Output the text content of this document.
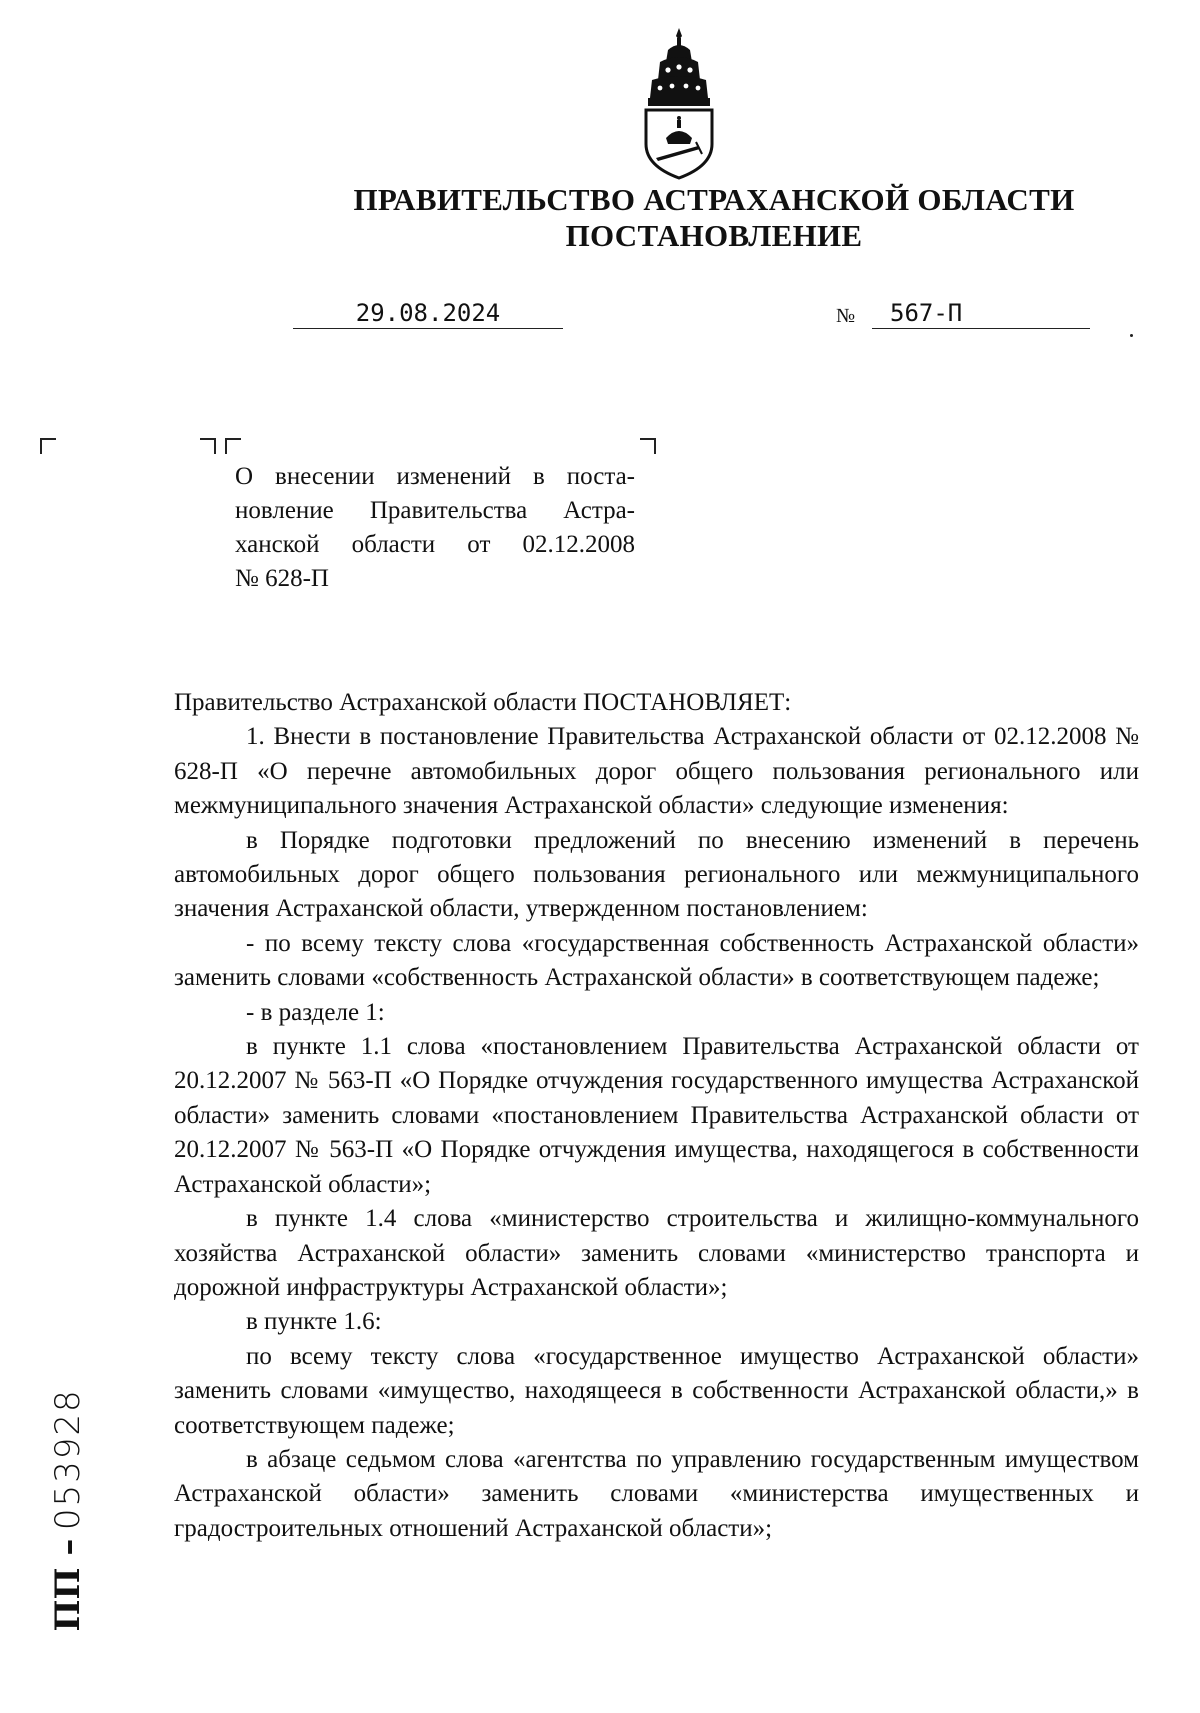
ПРАВИТЕЛЬСТВО АСТРАХАНСКОЙ ОБЛАСТИ
ПОСТАНОВЛЕНИЕ
29.08.2024	№	567-П
О внесении изменений в поста-
новление Правительства Астра-
ханской области от 02.12.2008
№ 628-П

Правительство Астраханской области ПОСТАНОВЛЯЕТ:

1. Внести в постановление Правительства Астраханской области от 02.12.2008 № 628-П «О перечне автомобильных дорог общего пользования регионального или межмуниципального значения Астраханской области» следующие изменения:

в Порядке подготовки предложений по внесению изменений в перечень автомобильных дорог общего пользования регионального или межмуниципального значения Астраханской области, утвержденном постановлением:

- по всему тексту слова «государственная собственность Астраханской области» заменить словами «собственность Астраханской области» в соответствующем падеже;

- в разделе 1:

в пункте 1.1 слова «постановлением Правительства Астраханской области от 20.12.2007 № 563-П «О Порядке отчуждения государственного имущества Астраханской области» заменить словами «постановлением Правительства Астраханской области от 20.12.2007 № 563-П «О Порядке отчуждения имущества, находящегося в собственности Астраханской области»;

в пункте 1.4 слова «министерство строительства и жилищно-коммунального хозяйства Астраханской области» заменить словами «министерство транспорта и дорожной инфраструктуры Астраханской области»;

в пункте 1.6:

по всему тексту слова «государственное имущество Астраханской области» заменить словами «имущество, находящееся в собственности Астраханской области,» в соответствующем падеже;

в абзаце седьмом слова «агентства по управлению государственным имуществом Астраханской области» заменить словами «министерства имущественных и градостроительных отношений Астраханской области»;

ПП – 053928
